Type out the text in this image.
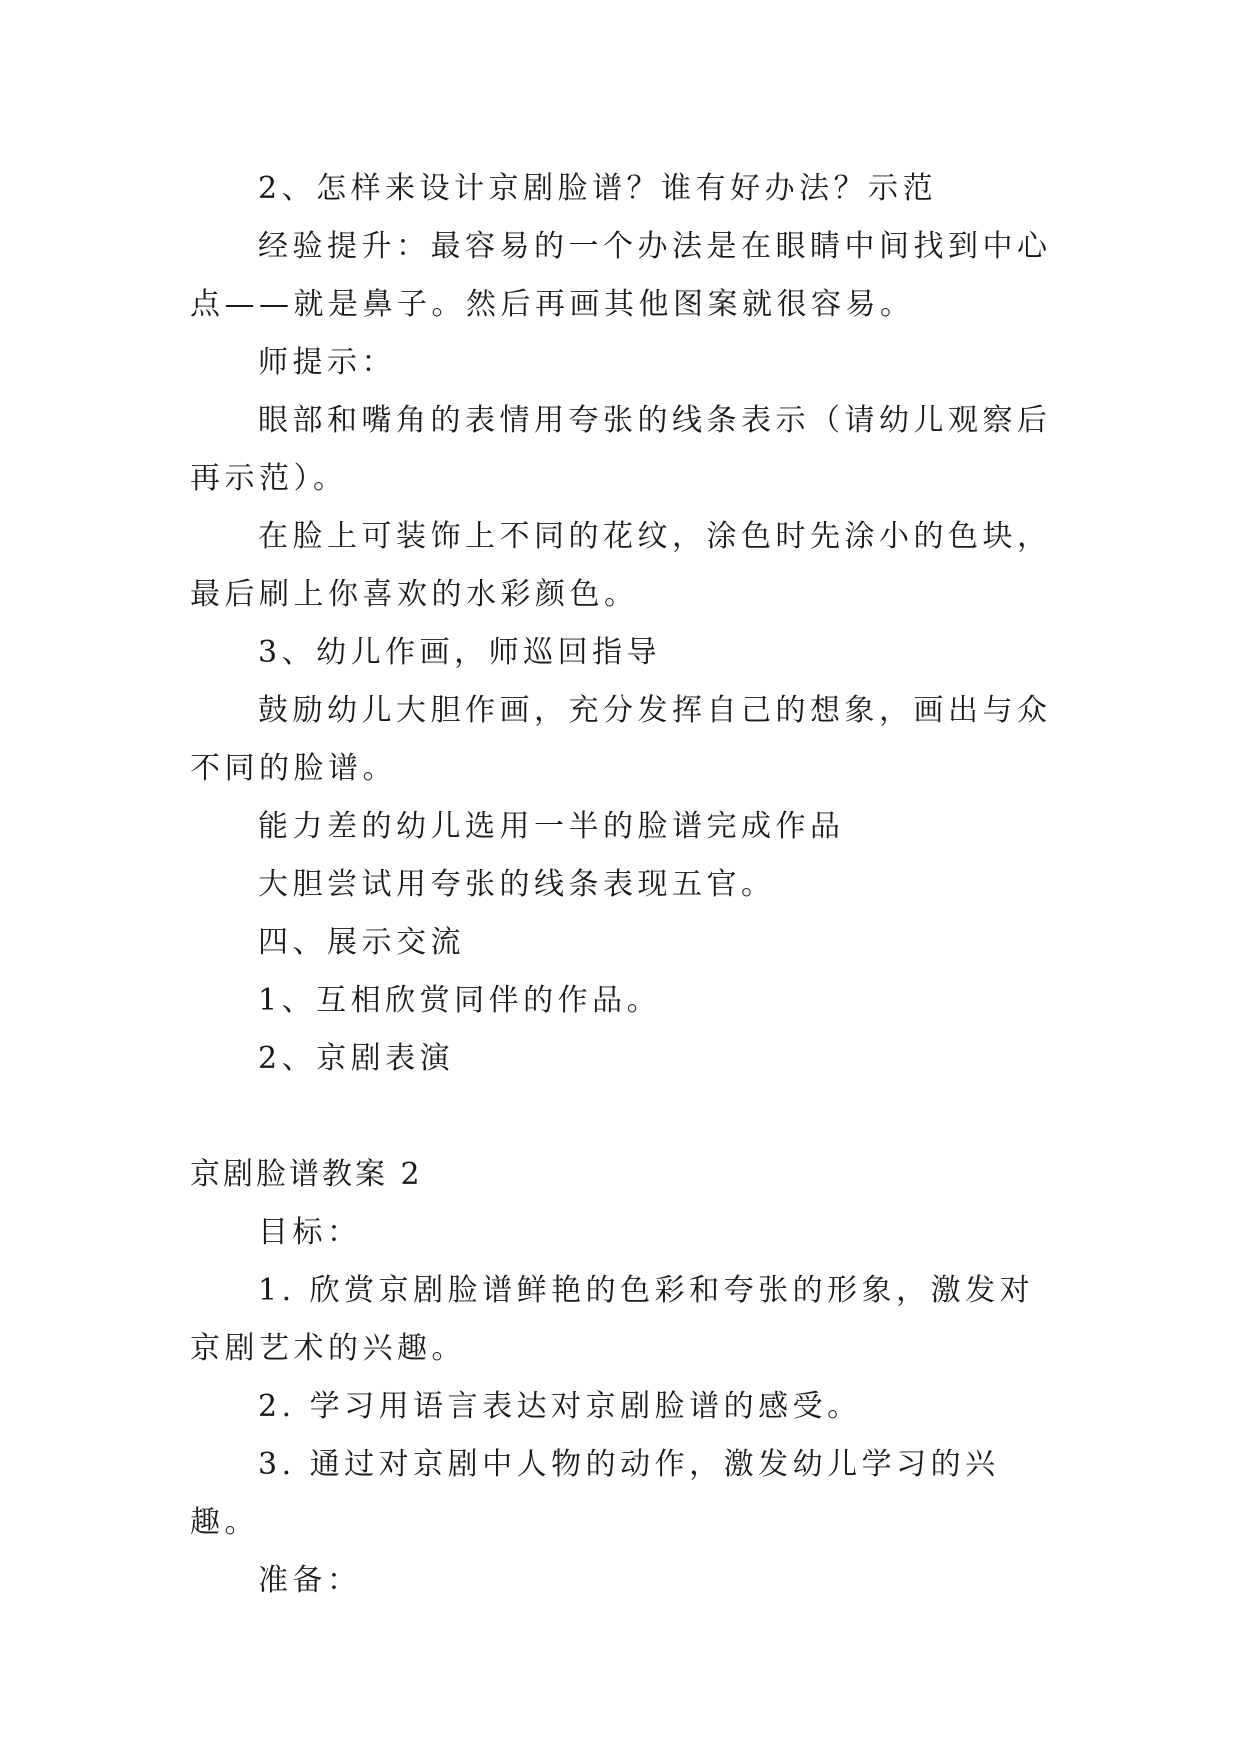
2、怎样来设计京剧脸谱？谁有好办法？示范

经验提升：最容易的一个办法是在眼睛中间找到中心点——就是鼻子。然后再画其他图案就很容易。

师提示：

眼部和嘴角的表情用夸张的线条表示（请幼儿观察后再示范）。

在脸上可装饰上不同的花纹，涂色时先涂小的色块，最后刷上你喜欢的水彩颜色。

3、幼儿作画，师巡回指导

鼓励幼儿大胆作画，充分发挥自己的想象，画出与众不同的脸谱。

能力差的幼儿选用一半的脸谱完成作品

大胆尝试用夸张的线条表现五官。

四、展示交流

1、互相欣赏同伴的作品。

2、京剧表演

京剧脸谱教案 2

目标：

1. 欣赏京剧脸谱鲜艳的色彩和夸张的形象，激发对京剧艺术的兴趣。

2. 学习用语言表达对京剧脸谱的感受。

3. 通过对京剧中人物的动作，激发幼儿学习的兴趣。

准备：
